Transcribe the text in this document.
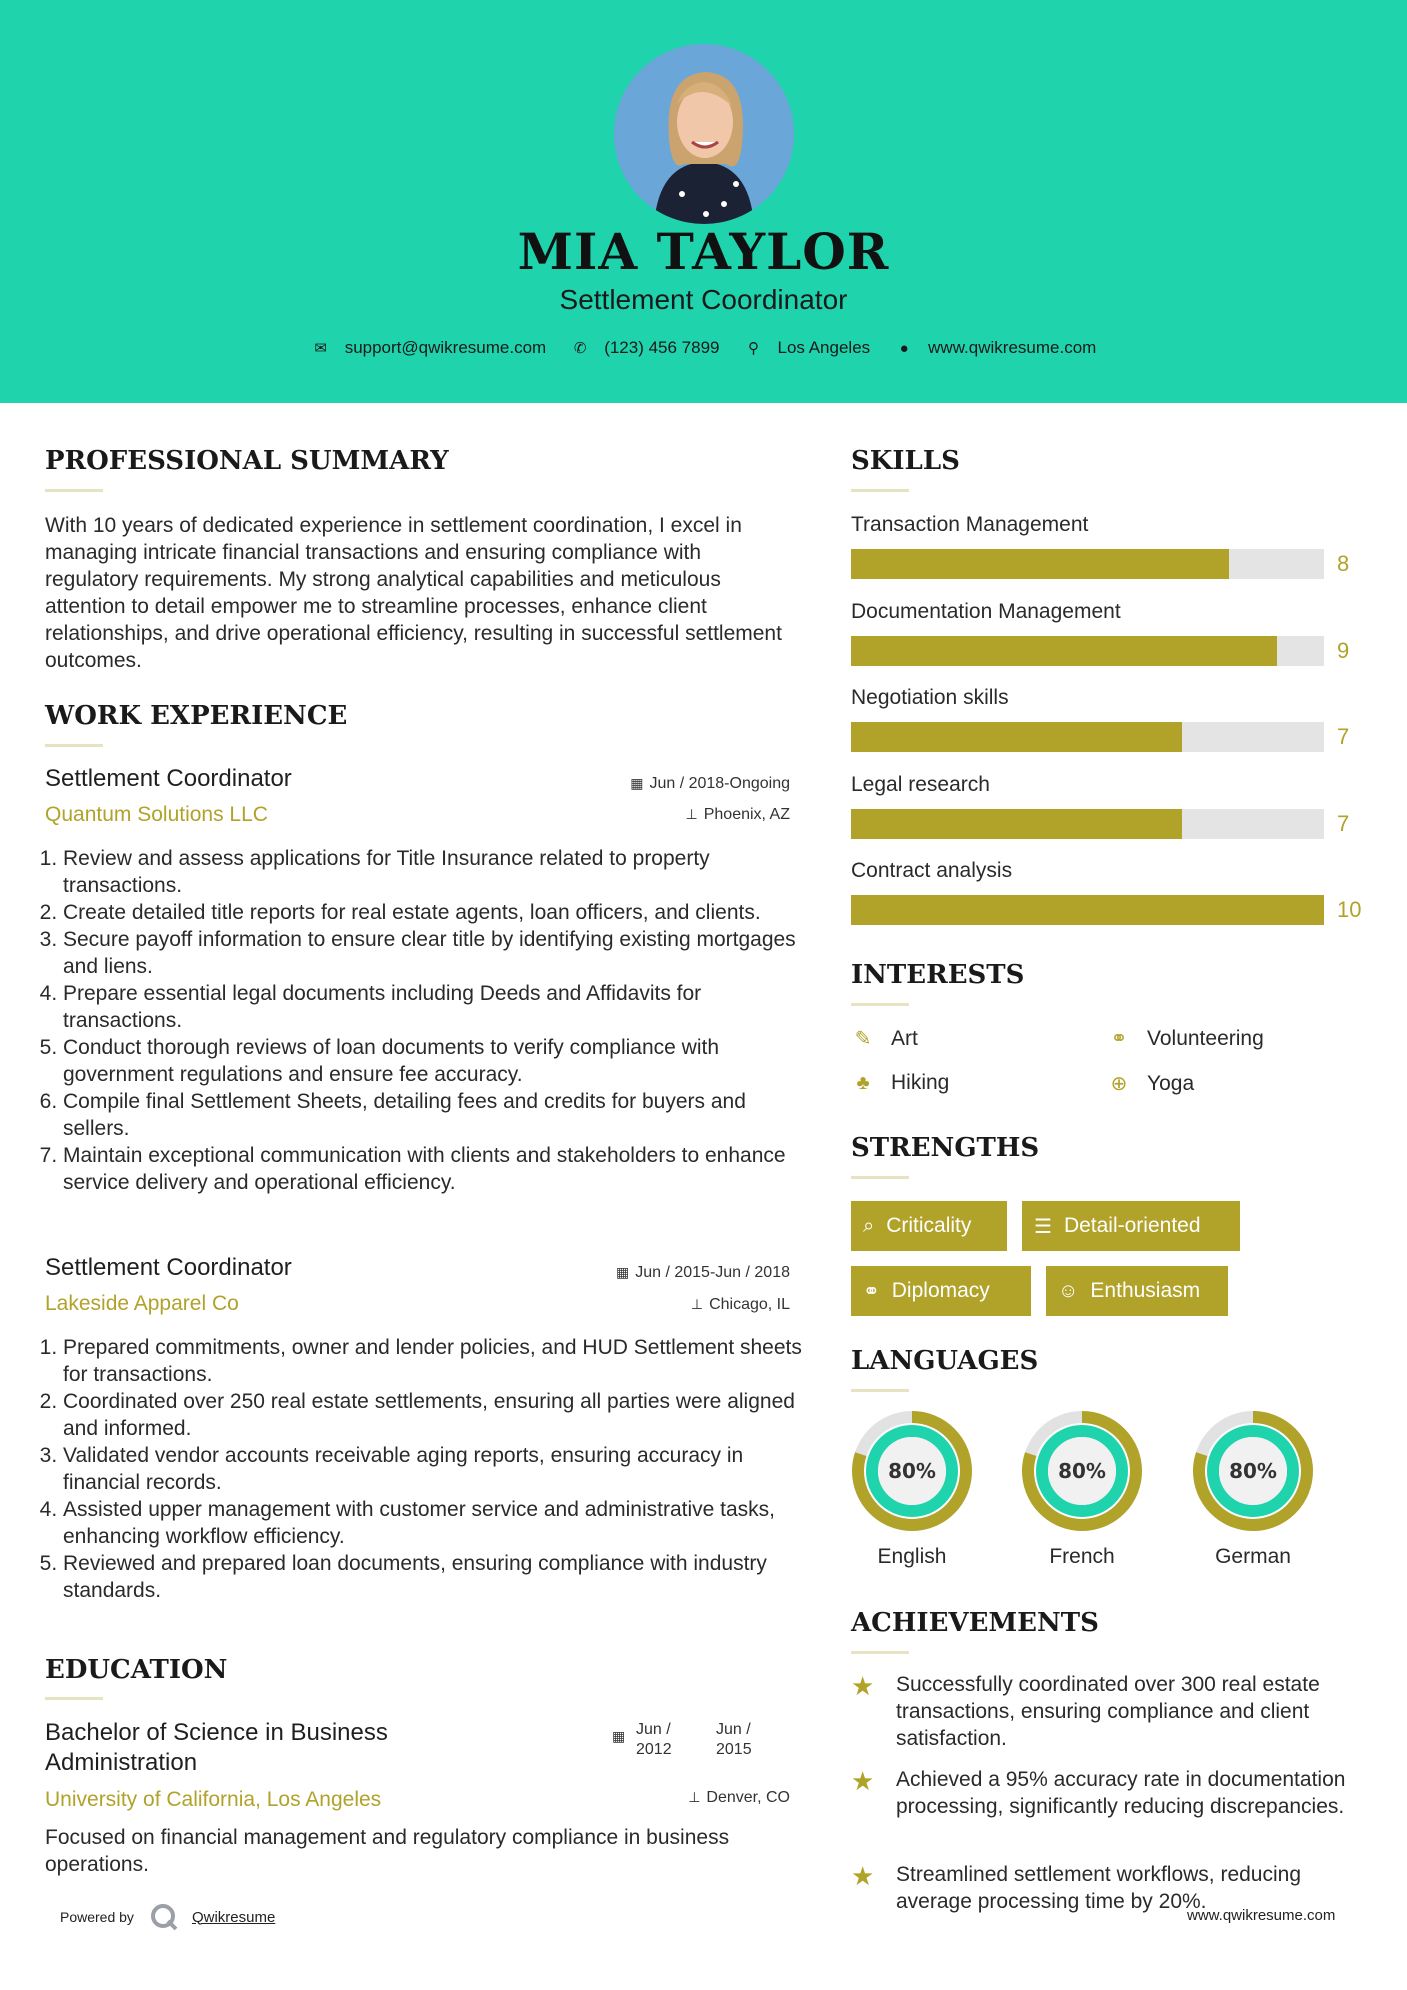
MIA TAYLOR
Settlement Coordinator
✉ support@qwikresume.com ✆ (123) 456 7899	⚲ Los Angeles	●	www.qwikresume.com
PROFESSIONAL SUMMARY
With 10 years of dedicated experience in settlement coordination, I excel in managing intricate financial transactions and ensuring compliance with regulatory requirements. My strong analytical capabilities and meticulous attention to detail empower me to streamline processes, enhance client relationships, and drive operational efficiency, resulting in successful settlement outcomes.
WORK EXPERIENCE
Settlement Coordinator	▦ Jun / 2018-Ongoing
Quantum Solutions LLC	⊥ Phoenix, AZ
1. Review and assess applications for Title Insurance related to property transactions.
2. Create detailed title reports for real estate agents, loan officers, and clients.
3. Secure payoff information to ensure clear title by identifying existing mortgages and liens.
4. Prepare essential legal documents including Deeds and Affidavits for transactions.
5. Conduct thorough reviews of loan documents to verify compliance with government regulations and ensure fee accuracy.
6. Compile final Settlement Sheets, detailing fees and credits for buyers and sellers.
7. Maintain exceptional communication with clients and stakeholders to enhance service delivery and operational efficiency.
Settlement Coordinator	▦ Jun / 2015-Jun / 2018
Lakeside Apparel Co	⊥ Chicago, IL
1. Prepared commitments, owner and lender policies, and HUD Settlement sheets for transactions.
2. Coordinated over 250 real estate settlements, ensuring all parties were aligned and informed.
3. Validated vendor accounts receivable aging reports, ensuring accuracy in financial records.
4. Assisted upper management with customer service and administrative tasks, enhancing workflow efficiency.
5. Reviewed and prepared loan documents, ensuring compliance with industry standards.
EDUCATION
Bachelor of Science in Business Administration
▦ Jun / 2012
Jun / 2015
University of California, Los Angeles	⊥ Denver, CO
Focused on financial management and regulatory compliance in business operations.
SKILLS
Transaction Management
8
Documentation Management
9
Negotiation skills
7
Legal research
7
Contract analysis
10
INTERESTS
✎ Art	⚭ Volunteering
♣ Hiking	⊕ Yoga
STRENGTHS
⌕ Criticality	☰ Detail-oriented
⚭ Diplomacy	☺ Enthusiasm
LANGUAGES
80%
English
80%
French
80%
German
ACHIEVEMENTS
★	Successfully coordinated over 300 real estate transactions, ensuring compliance and client satisfaction.
★	Achieved a 95% accuracy rate in documentation processing, significantly reducing discrepancies.
★	Streamlined settlement workflows, reducing average processing time by 20%.
Powered by	Qwikresume	www.qwikresume.com
